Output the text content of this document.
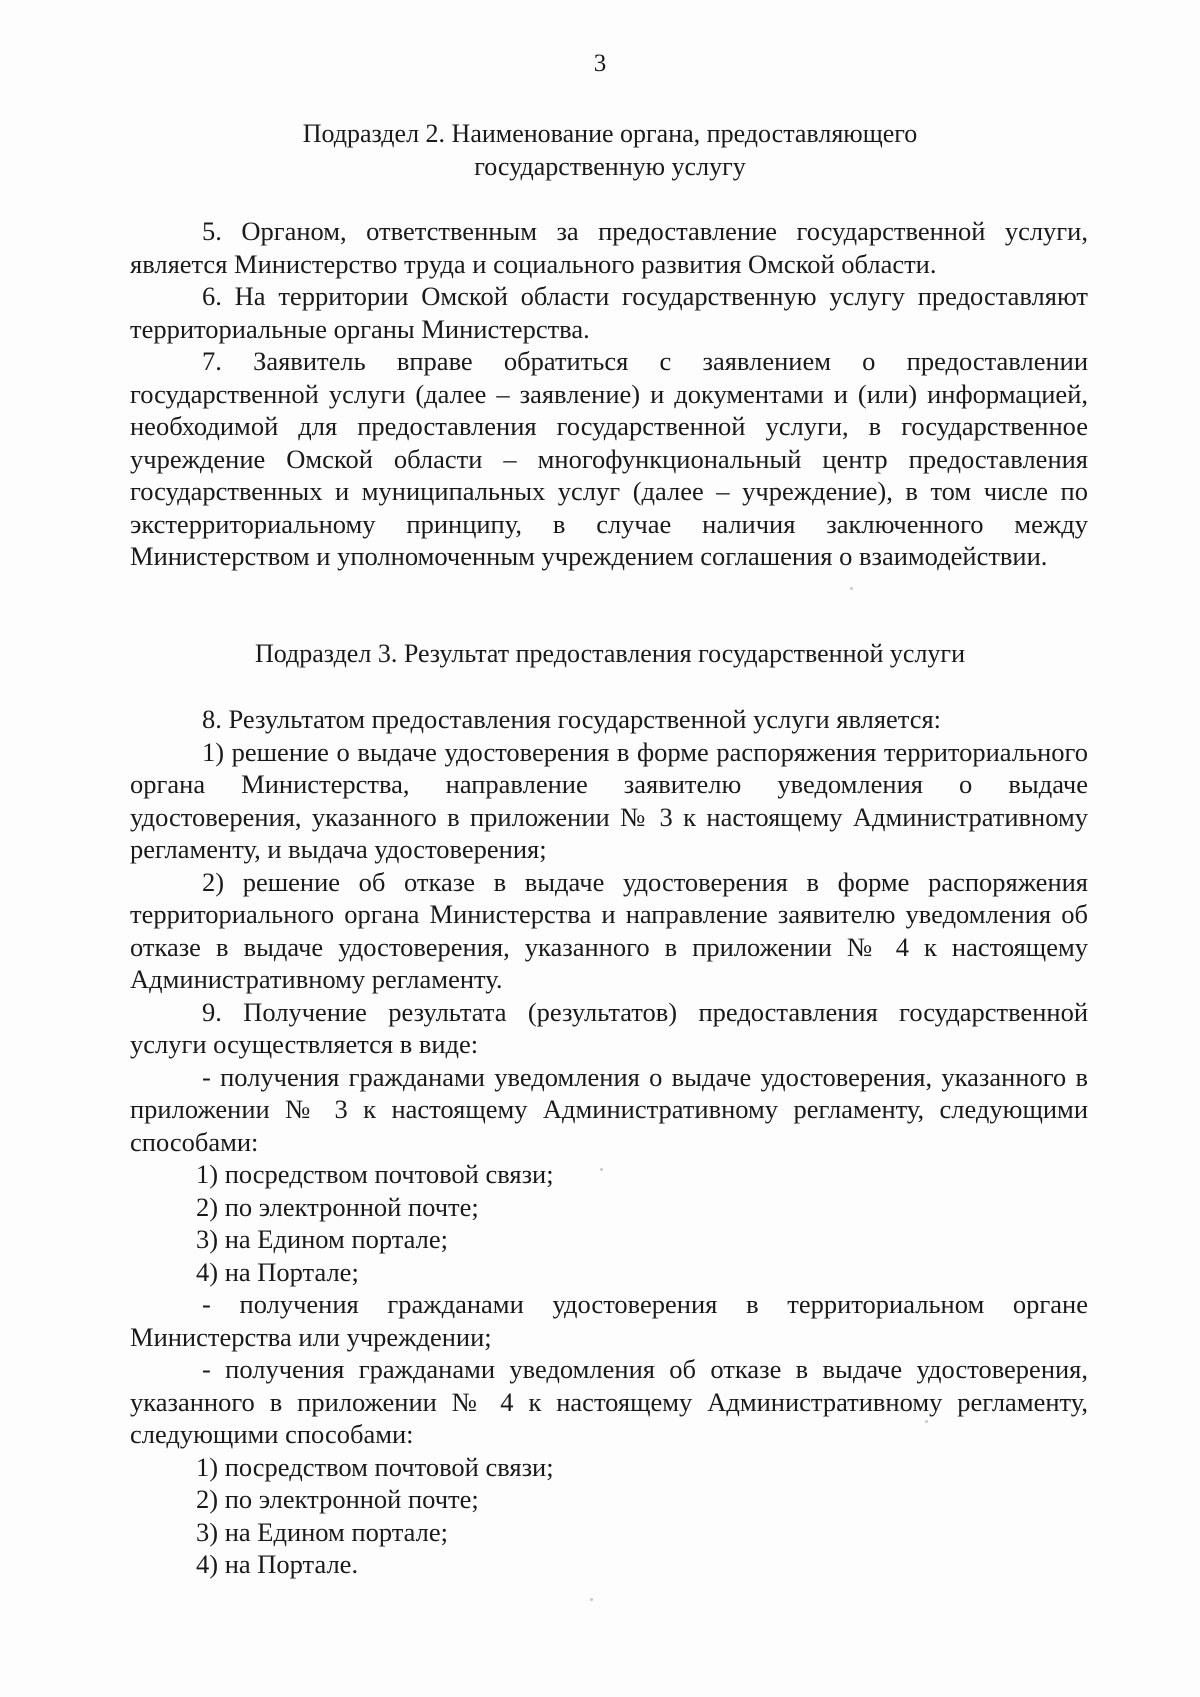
3
Подраздел 2. Наименование органа, предоставляющего
государственную услугу

5. Органом, ответственным за предоставление государственной услуги, является Министерство труда и социального развития Омской области.

6. На территории Омской области государственную услугу предоставляют территориальные органы Министерства.

7. Заявитель вправе обратиться с заявлением о предоставлении государственной услуги (далее – заявление) и документами и (или) информацией, необходимой для предоставления государственной услуги, в государственное учреждение Омской области – многофункциональный центр предоставления государственных и муниципальных услуг (далее – учреждение), в том числе по экстерриториальному принципу, в случае наличия заключенного между Министерством и уполномоченным учреждением соглашения о взаимодействии.

Подраздел 3. Результат предоставления государственной услуги

8. Результатом предоставления государственной услуги является:

1) решение о выдаче удостоверения в форме распоряжения территориального органа Министерства, направление заявителю уведомления о выдаче удостоверения, указанного в приложении № 3 к настоящему Административному регламенту, и выдача удостоверения;

2) решение об отказе в выдаче удостоверения в форме распоряжения территориального органа Министерства и направление заявителю уведомления об отказе в выдаче удостоверения, указанного в приложении № 4 к настоящему Административному регламенту.

9. Получение результата (результатов) предоставления государственной услуги осуществляется в виде:

- получения гражданами уведомления о выдаче удостоверения, указанного в приложении № 3 к настоящему Административному регламенту, следующими способами:

1) посредством почтовой связи;

2) по электронной почте;

3) на Едином портале;

4) на Портале;

- получения гражданами удостоверения в территориальном органе Министерства или учреждении;

- получения гражданами уведомления об отказе в выдаче удостоверения, указанного в приложении № 4 к настоящему Административному регламенту, следующими способами:

1) посредством почтовой связи;

2) по электронной почте;

3) на Едином портале;

4) на Портале.
